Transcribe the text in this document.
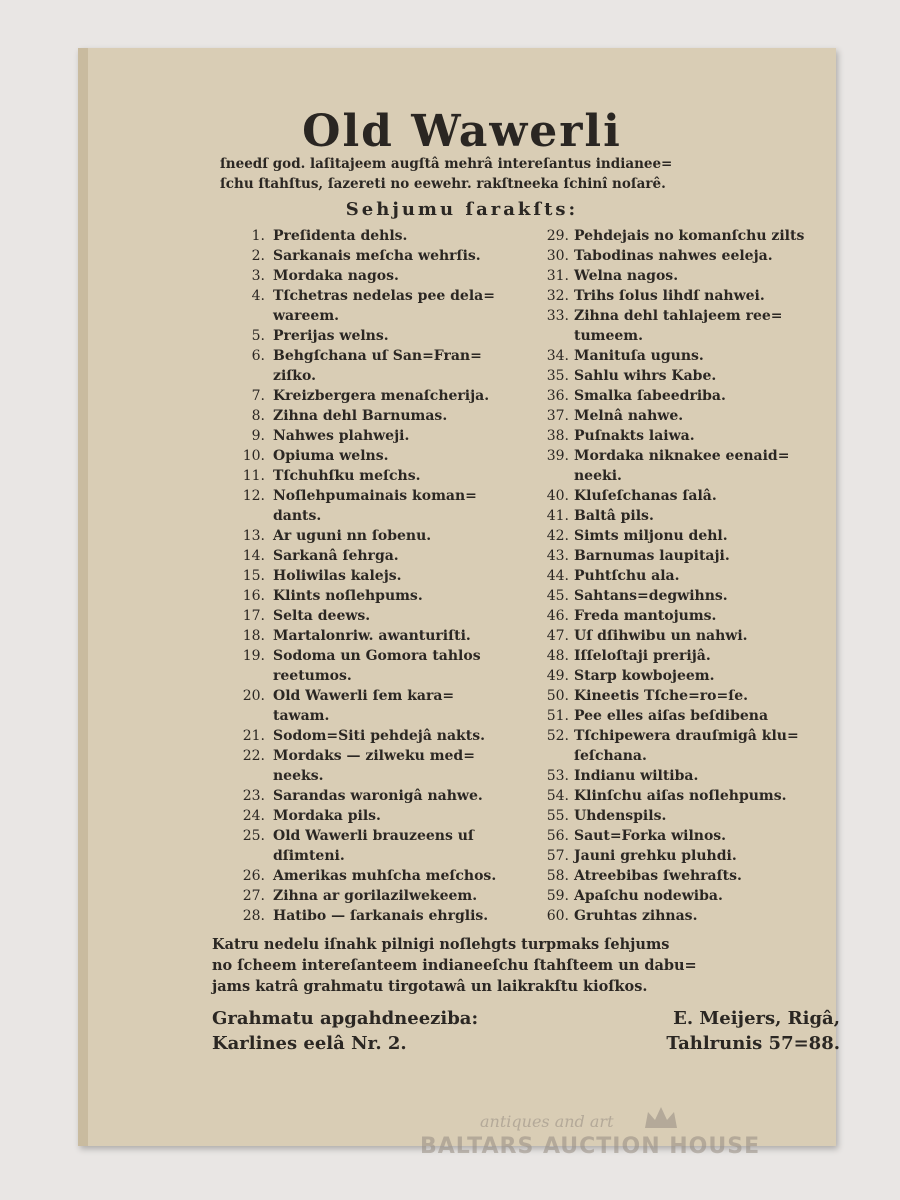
Old Wawerli
ſneedſ god. laſitajeem augſtâ mehrâ intereſantus indianee=
ſchu ſtahſtus, ſazereti no eewehr. rakſtneeka ſchinî noſarê.
Sehjumu ſarakſts:
1. Preſidenta dehls.
2. Sarkanais meſcha wehrſis.
3. Mordaka nagos.
4. Tſchetras nedelas pee dela=
wareem.
5. Prerijas welns.
6. Behgſchana uſ San=Fran=
ziſko.
7. Kreizbergera menaſcherija.
8. Zihna dehl Barnumas.
9. Nahwes plahweji.
10. Opiuma welns.
11. Tſchuhſku meſchs.
12. Noſlehpumainais koman=
dants.
13. Ar uguni nn ſobenu.
14. Sarkanâ ſehrga.
15. Holiwilas kalejs.
16. Klints noſlehpums.
17. Selta deews.
18. Martalonriw. awanturiſti.
19. Sodoma un Gomora tahlos
reetumos.
20. Old Wawerli ſem kara=
tawam.
21. Sodom=Siti pehdejâ nakts.
22. Mordaks — zilweku med=
neeks.
23. Sarandas waronigâ nahwe.
24. Mordaka pils.
25. Old Wawerli brauzeens uſ
dſimteni.
26. Amerikas muhſcha meſchos.
27. Zihna ar gorilazilwekeem.
28. Hatibo — ſarkanais ehrglis.
29. Pehdejais no komanſchu zilts
30. Tabodinas nahwes eeleja.
31. Welna nagos.
32. Trihs ſolus lihdſ nahwei.
33. Zihna dehl tahlajeem ree=
tumeem.
34. Manituſa uguns.
35. Sahlu wihrs Kabe.
36. Smalka ſabeedriba.
37. Melnâ nahwe.
38. Puſnakts laiwa.
39. Mordaka niknakee eenaid=
neeki.
40. Kluſeſchanas ſalâ.
41. Baltâ pils.
42. Simts miljonu dehl.
43. Barnumas laupitaji.
44. Puhtſchu ala.
45. Sahtans=degwihns.
46. Freda mantojums.
47. Uſ dſihwibu un nahwi.
48. Iſſeloſtaji prerijâ.
49. Starp kowbojeem.
50. Kineetis Tſche=ro=ſe.
51. Pee elles aiſas beſdibena
52. Tſchipewera drauſmigâ klu=
ſeſchana.
53. Indianu wiltiba.
54. Klinſchu aiſas noſlehpums.
55. Uhdenspils.
56. Saut=Forka wilnos.
57. Jauni grehku pluhdi.
58. Atreebibas ſwehraſts.
59. Apaſchu nodewiba.
60. Gruhtas zihnas.
Katru nedelu iſnahk pilnigi noſlehgts turpmaks ſehjums
no ſcheem intereſanteem indianeeſchu ſtahſteem un dabu=
jams katrâ grahmatu tirgotawâ un laikrakſtu kioſkos.
Grahmatu apgahdneeziba:	E. Meijers, Rigâ,
Karlines eelâ Nr. 2.	Tahlrunis 57=88.
antiques and art
BALTARS AUCTION HOUSE
